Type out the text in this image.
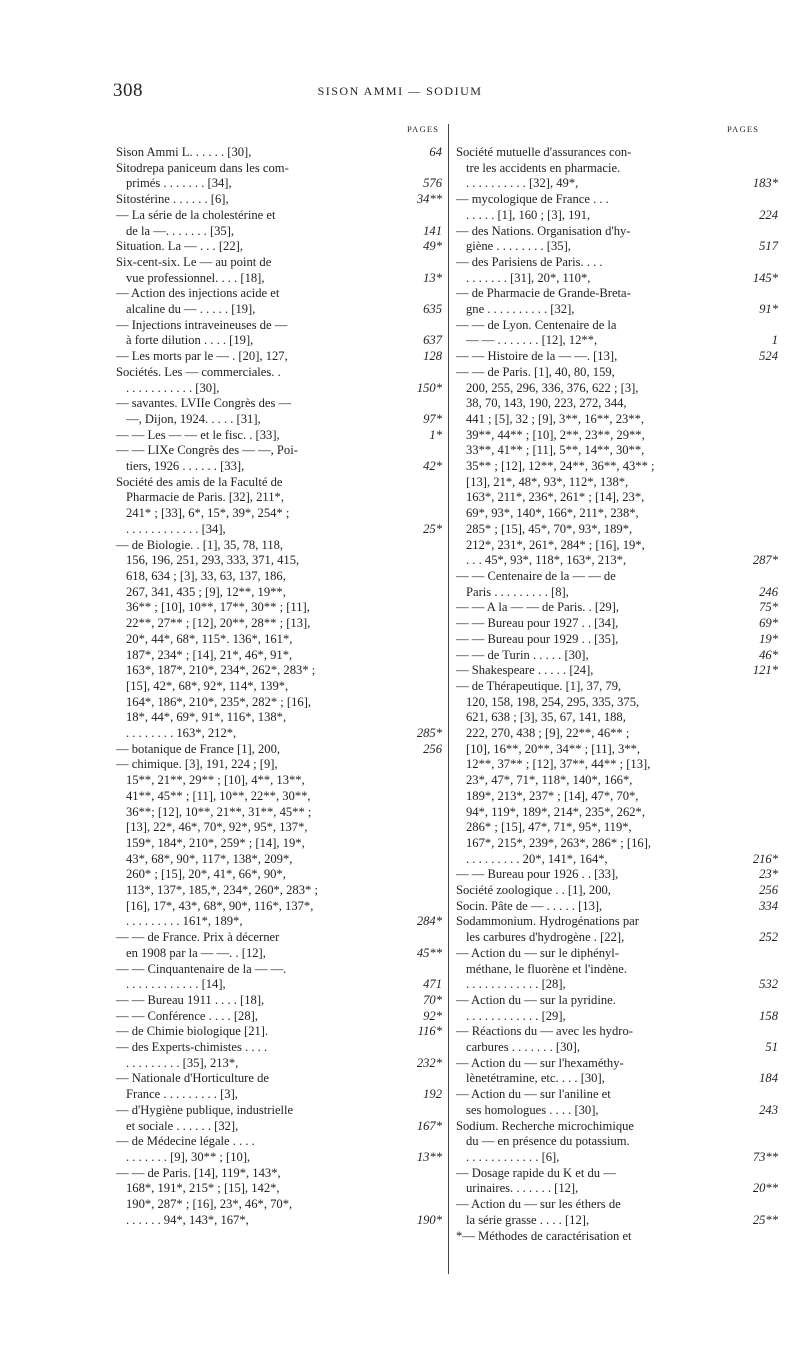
308	SISON AMMI — SODIUM
PAGES	PAGES
Sison Ammi L. . . . . . [30],	64
Sitodrepa paniceum dans les com-
primés . . . . . . . [34],	576
Sitostérine . . . . . . [6],	34**
— La série de la cholestérine et
de la —. . . . . . . [35],	141
Situation. La — . . . [22],	49*
Six-cent-six. Le — au point de
vue professionnel. . . . [18],	13*
— Action des injections acide et
alcaline du — . . . . . [19],	635
— Injections intraveineuses de —
à forte dilution . . . . [19],	637
— Les morts par le — . [20], 127,	128
Sociétés. Les — commerciales. .
. . . . . . . . . . . [30],	150*
— savantes. LVIIe Congrès des —
—, Dijon, 1924. . . . . [31],	97*
— — Les — — et le fisc. . [33],	1*
— — LIXe Congrès des — —, Poi-
tiers, 1926 . . . . . . [33],	42*
Société des amis de la Faculté de
Pharmacie de Paris. [32], 211*,
241* ; [33], 6*, 15*, 39*, 254* ;
. . . . . . . . . . . . [34],	25*
— de Biologie. . [1], 35, 78, 118,
156, 196, 251, 293, 333, 371, 415,
618, 634 ; [3], 33, 63, 137, 186,
267, 341, 435 ; [9], 12**, 19**,
36** ; [10], 10**, 17**, 30** ; [11],
22**, 27** ; [12], 20**, 28** ; [13],
20*, 44*, 68*, 115*. 136*, 161*,
187*, 234* ; [14], 21*, 46*, 91*,
163*, 187*, 210*, 234*, 262*, 283* ;
[15], 42*, 68*, 92*, 114*, 139*,
164*, 186*, 210*, 235*, 282* ; [16],
18*, 44*, 69*, 91*, 116*, 138*,
. . . . . . . . 163*, 212*,	285*
— botanique de France [1], 200,	256
— chimique. [3], 191, 224 ; [9],
15**, 21**, 29** ; [10], 4**, 13**,
41**, 45** ; [11], 10**, 22**, 30**,
36**; [12], 10**, 21**, 31**, 45** ;
[13], 22*, 46*, 70*, 92*, 95*, 137*,
159*, 184*, 210*, 259* ; [14], 19*,
43*, 68*, 90*, 117*, 138*, 209*,
260* ; [15], 20*, 41*, 66*, 90*,
113*, 137*, 185,*, 234*, 260*, 283* ;
[16], 17*, 43*, 68*, 90*, 116*, 137*,
. . . . . . . . . 161*, 189*,	284*
— — de France. Prix à décerner
en 1908 par la — —. . [12],	45**
— — Cinquantenaire de la — —.
. . . . . . . . . . . . [14],	471
— — Bureau 1911 . . . . [18],	70*
— — Conférence . . . . [28],	92*
— de Chimie biologique [21].	116*
— des Experts-chimistes . . . .
. . . . . . . . . [35], 213*,	232*
— Nationale d'Horticulture de
France . . . . . . . . . [3],	192
— d'Hygiène publique, industrielle
et sociale . . . . . . [32],	167*
— de Médecine légale . . . .
. . . . . . . [9], 30** ; [10],	13**
— — de Paris. [14], 119*, 143*,
168*, 191*, 215* ; [15], 142*,
190*, 287* ; [16], 23*, 46*, 70*,
. . . . . . 94*, 143*, 167*,	190*
Société mutuelle d'assurances con-
tre les accidents en pharmacie.
. . . . . . . . . . [32], 49*,	183*
— mycologique de France . . .
. . . . . [1], 160 ; [3], 191,	224
— des Nations. Organisation d'hy-
giène . . . . . . . . [35],	517
— des Parisiens de Paris. . . .
. . . . . . . [31], 20*, 110*,	145*
— de Pharmacie de Grande-Breta-
gne . . . . . . . . . . [32],	91*
— — de Lyon. Centenaire de la
— — . . . . . . . [12], 12**,	1
— — Histoire de la — —. [13],	524
— — de Paris. [1], 40, 80, 159,
200, 255, 296, 336, 376, 622 ; [3],
38, 70, 143, 190, 223, 272, 344,
441 ; [5], 32 ; [9], 3**, 16**, 23**,
39**, 44** ; [10], 2**, 23**, 29**,
33**, 41** ; [11], 5**, 14**, 30**,
35** ; [12], 12**, 24**, 36**, 43** ;
[13], 21*, 48*, 93*, 112*, 138*,
163*, 211*, 236*, 261* ; [14], 23*,
69*, 93*, 140*, 166*, 211*, 238*,
285* ; [15], 45*, 70*, 93*, 189*,
212*, 231*, 261*, 284* ; [16], 19*,
. . . 45*, 93*, 118*, 163*, 213*,	287*
— — Centenaire de la — — de
Paris . . . . . . . . . [8],	246
— — A la — — de Paris. . [29],	75*
— — Bureau pour 1927 . . [34],	69*
— — Bureau pour 1929 . . [35],	19*
— — de Turin . . . . . [30],	46*
— Shakespeare . . . . . [24],	121*
— de Thérapeutique. [1], 37, 79,
120, 158, 198, 254, 295, 335, 375,
621, 638 ; [3], 35, 67, 141, 188,
222, 270, 438 ; [9], 22**, 46** ;
[10], 16**, 20**, 34** ; [11], 3**,
12**, 37** ; [12], 37**, 44** ; [13],
23*, 47*, 71*, 118*, 140*, 166*,
189*, 213*, 237* ; [14], 47*, 70*,
94*, 119*, 189*, 214*, 235*, 262*,
286* ; [15], 47*, 71*, 95*, 119*,
167*, 215*, 239*, 263*, 286* ; [16],
. . . . . . . . . 20*, 141*, 164*,	216*
— — Bureau pour 1926 . . [33],	23*
Société zoologique . . [1], 200,	256
Socin. Pâte de — . . . . . [13],	334
Sodammonium. Hydrogénations par
les carbures d'hydrogène . [22],	252
— Action du — sur le diphényl-
méthane, le fluorène et l'indène.
. . . . . . . . . . . . [28],	532
— Action du — sur la pyridine.
. . . . . . . . . . . . [29],	158
— Réactions du — avec les hydro-
carbures . . . . . . . [30],	51
— Action du — sur l'hexaméthy-
lènetétramine, etc. . . . [30],	184
— Action du — sur l'aniline et
ses homologues . . . . [30],	243
Sodium. Recherche microchimique
du — en présence du potassium.
. . . . . . . . . . . . [6],	73**
— Dosage rapide du K et du —
urinaires. . . . . . . [12],	20**
— Action du — sur les éthers de
la série grasse . . . . [12],	25**
*— Méthodes de caractérisation et
